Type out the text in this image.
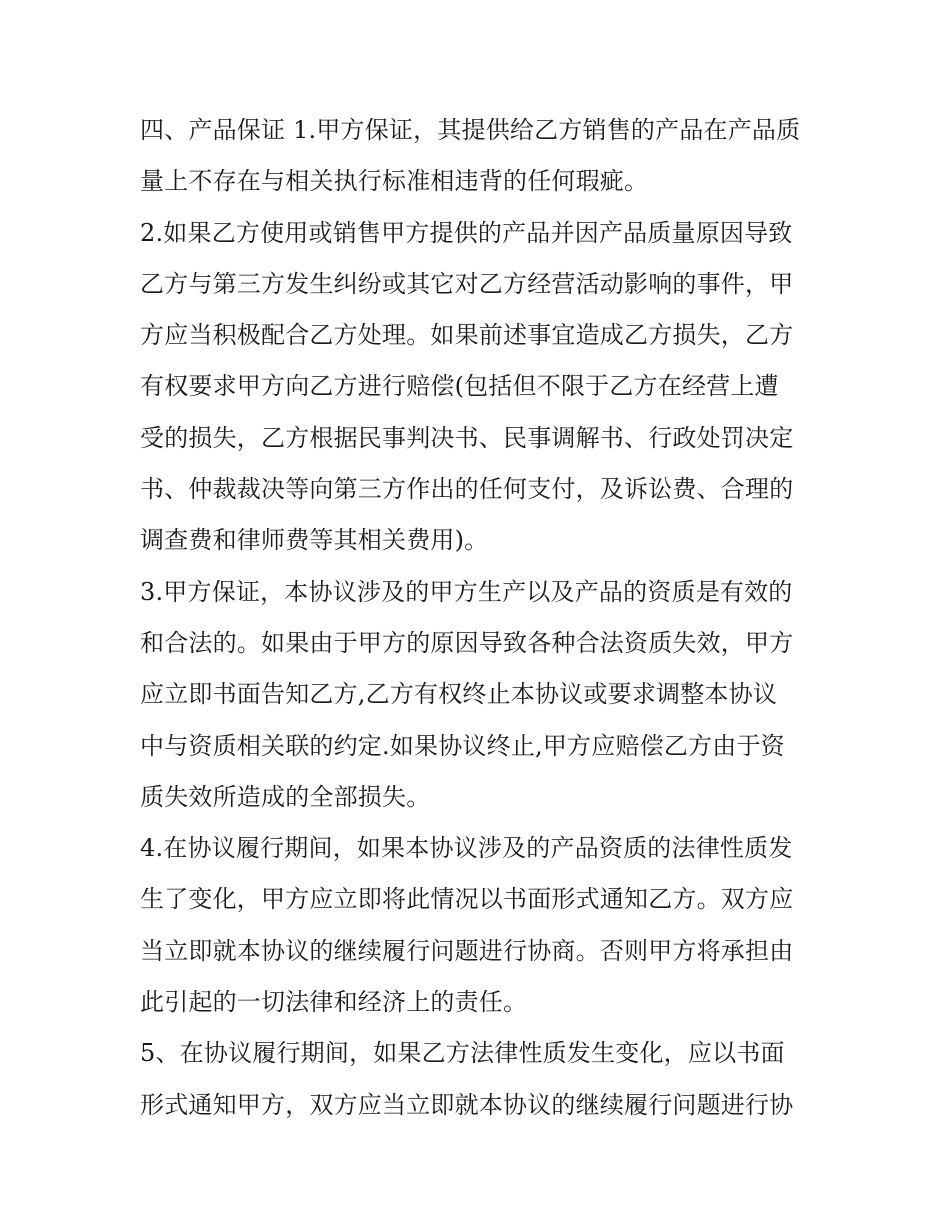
四、产品保证 1.甲方保证，其提供给乙方销售的产品在产品质
量上不存在与相关执行标准相违背的任何瑕疵。
2.如果乙方使用或销售甲方提供的产品并因产品质量原因导致
乙方与第三方发生纠纷或其它对乙方经营活动影响的事件，甲
方应当积极配合乙方处理。如果前述事宜造成乙方损失，乙方
有权要求甲方向乙方进行赔偿(包括但不限于乙方在经营上遭
受的损失，乙方根据民事判决书、民事调解书、行政处罚决定
书、仲裁裁决等向第三方作出的任何支付，及诉讼费、合理的
调查费和律师费等其相关费用)。
3.甲方保证，本协议涉及的甲方生产以及产品的资质是有效的
和合法的。如果由于甲方的原因导致各种合法资质失效，甲方
应立即书面告知乙方,乙方有权终止本协议或要求调整本协议
中与资质相关联的约定.如果协议终止,甲方应赔偿乙方由于资
质失效所造成的全部损失。
4.在协议履行期间，如果本协议涉及的产品资质的法律性质发
生了变化，甲方应立即将此情况以书面形式通知乙方。双方应
当立即就本协议的继续履行问题进行协商。否则甲方将承担由
此引起的一切法律和经济上的责任。
5、在协议履行期间，如果乙方法律性质发生变化，应以书面
形式通知甲方，双方应当立即就本协议的继续履行问题进行协
